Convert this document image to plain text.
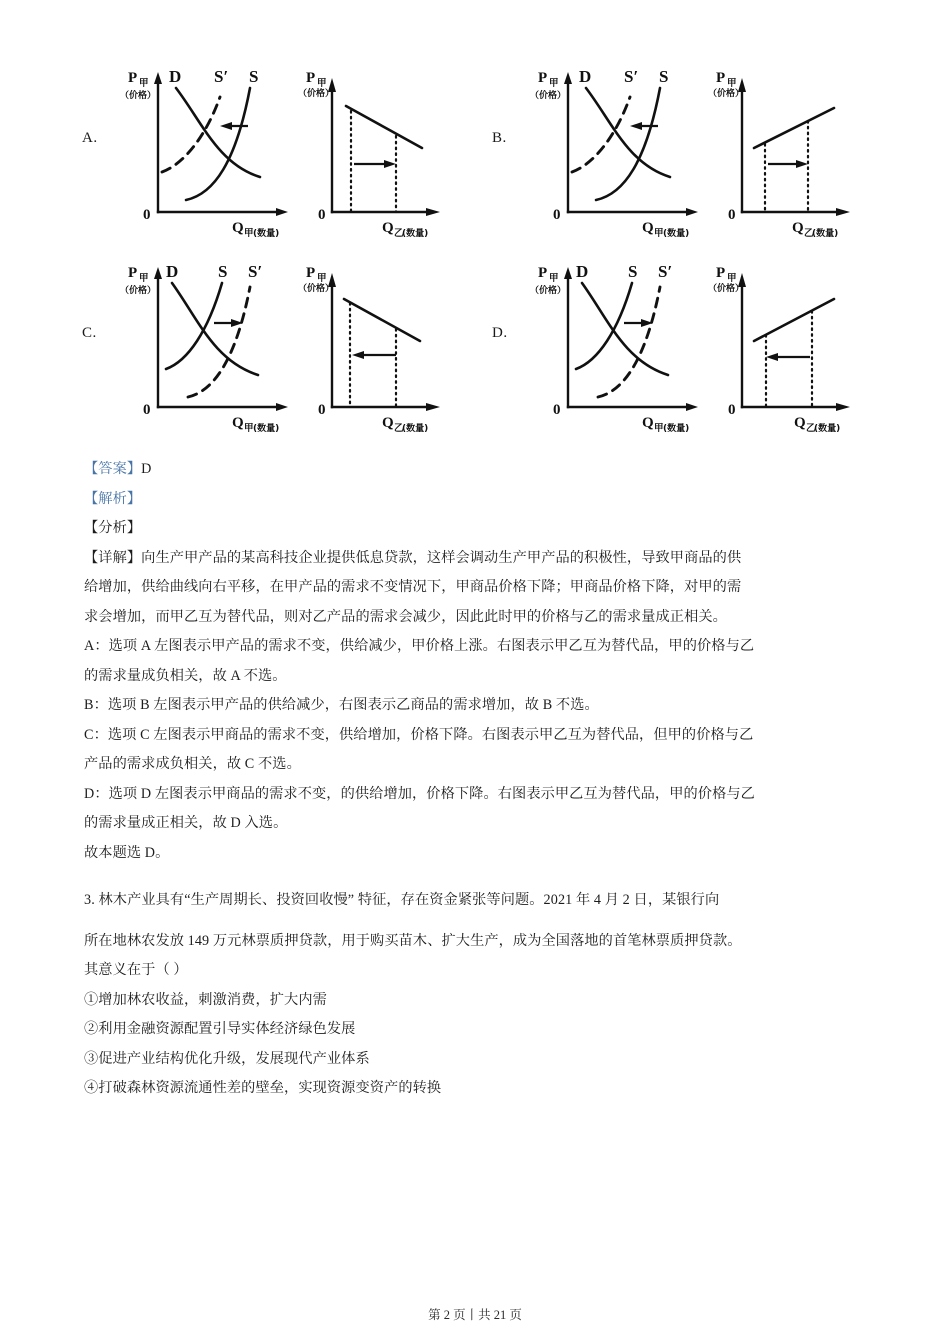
A.
0
P 甲
（价格）
D S′ S
Q 甲 (数量)
0
P 甲
（价格）
Q 乙
(数量)
B.
0
P 甲
（价格）
D S′ S
Q 甲 (数量)
0
P 甲
（价格）
Q 乙
(数量)
C.
0
P 甲
（价格）
D S S′
Q 甲 (数量)
0
P 甲
（价格）
Q 乙
(数量)
D.
0
P 甲
（价格）
D S S′
Q 甲 (数量)
0
P 甲
（价格）
Q 乙
(数量)
【答案】D
【解析】
【分析】
【详解】向生产甲产品的某高科技企业提供低息贷款，这样会调动生产甲产品的积极性，导致甲商品的供
给增加，供给曲线向右平移，在甲产品的需求不变情况下，甲商品价格下降；甲商品价格下降，对甲的需
求会增加，而甲乙互为替代品，则对乙产品的需求会减少，因此此时甲的价格与乙的需求量成正相关。
A：选项 A 左图表示甲产品的需求不变，供给减少，甲价格上涨。右图表示甲乙互为替代品，甲的价格与乙
的需求量成负相关，故 A 不选。
B：选项 B 左图表示甲产品的供给减少，右图表示乙商品的需求增加，故 B 不选。
C：选项 C 左图表示甲商品的需求不变，供给增加，价格下降。右图表示甲乙互为替代品，但甲的价格与乙
产品的需求成负相关，故 C 不选。
D：选项 D 左图表示甲商品的需求不变，的供给增加，价格下降。右图表示甲乙互为替代品，甲的价格与乙
的需求量成正相关，故 D 入选。
故本题选 D。
3. 林木产业具有“生产周期长、投资回收慢” 特征，存在资金紧张等问题。2021 年 4 月 2 日，某银行向
所在地林农发放 149 万元林票质押贷款，用于购买苗木、扩大生产，成为全国落地的首笔林票质押贷款。
其意义在于（ ）
①增加林农收益，刺激消费，扩大内需
②利用金融资源配置引导实体经济绿色发展
③促进产业结构优化升级，发展现代产业体系
④打破森林资源流通性差的壁垒，实现资源变资产的转换
第 2 页丨共 21 页
